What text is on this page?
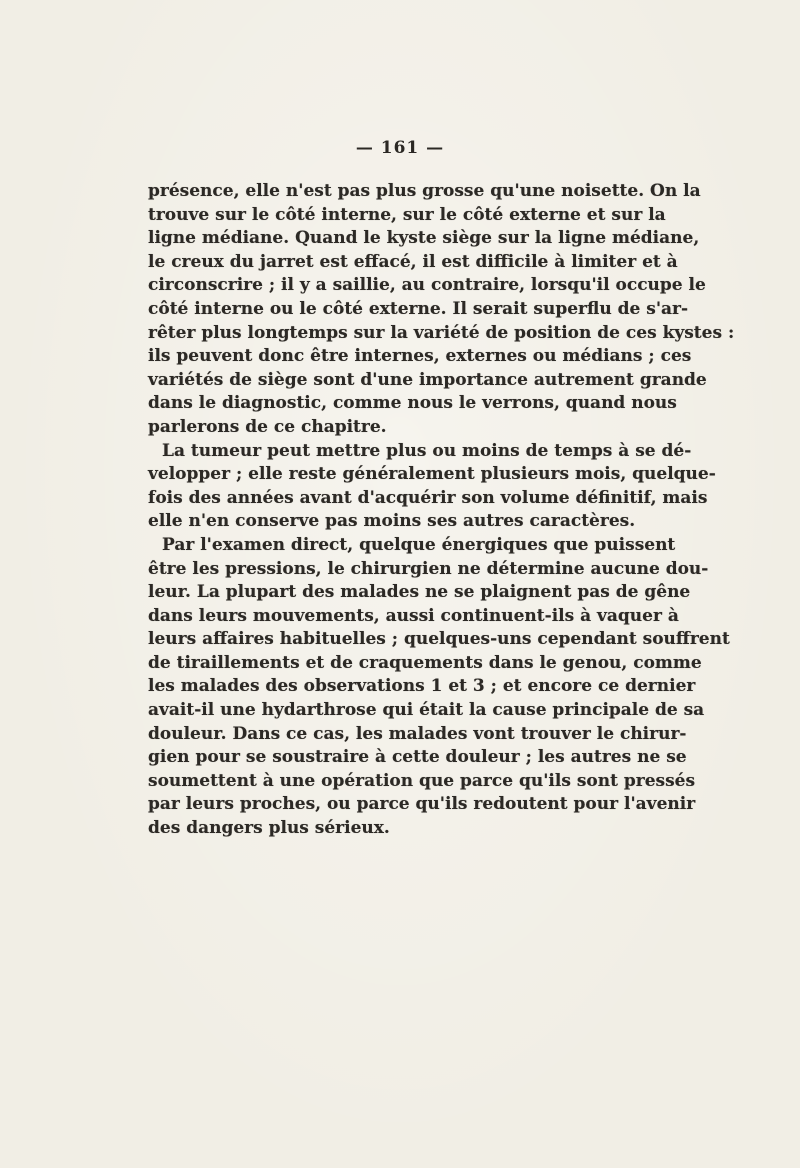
— 161 —
présence, elle n'est pas plus grosse qu'une noisette. On la
trouve sur le côté interne, sur le côté externe et sur la
ligne médiane. Quand le kyste siège sur la ligne médiane,
le creux du jarret est effacé, il est difficile à limiter et à
circonscrire ; il y a saillie, au contraire, lorsqu'il occupe le
côté interne ou le côté externe. Il serait superflu de s'ar-
rêter plus longtemps sur la variété de position de ces kystes :
ils peuvent donc être internes, externes ou médians ; ces
variétés de siège sont d'une importance autrement grande
dans le diagnostic, comme nous le verrons, quand nous
parlerons de ce chapitre.
La tumeur peut mettre plus ou moins de temps à se dé-
velopper ; elle reste généralement plusieurs mois, quelque-
fois des années avant d'acquérir son volume définitif, mais
elle n'en conserve pas moins ses autres caractères.
Par l'examen direct, quelque énergiques que puissent
être les pressions, le chirurgien ne détermine aucune dou-
leur. La plupart des malades ne se plaignent pas de gêne
dans leurs mouvements, aussi continuent-ils à vaquer à
leurs affaires habituelles ; quelques-uns cependant souffrent
de tiraillements et de craquements dans le genou, comme
les malades des observations 1 et 3 ; et encore ce dernier
avait-il une hydarthrose qui était la cause principale de sa
douleur. Dans ce cas, les malades vont trouver le chirur-
gien pour se soustraire à cette douleur ; les autres ne se
soumettent à une opération que parce qu'ils sont pressés
par leurs proches, ou parce qu'ils redoutent pour l'avenir
des dangers plus sérieux.
